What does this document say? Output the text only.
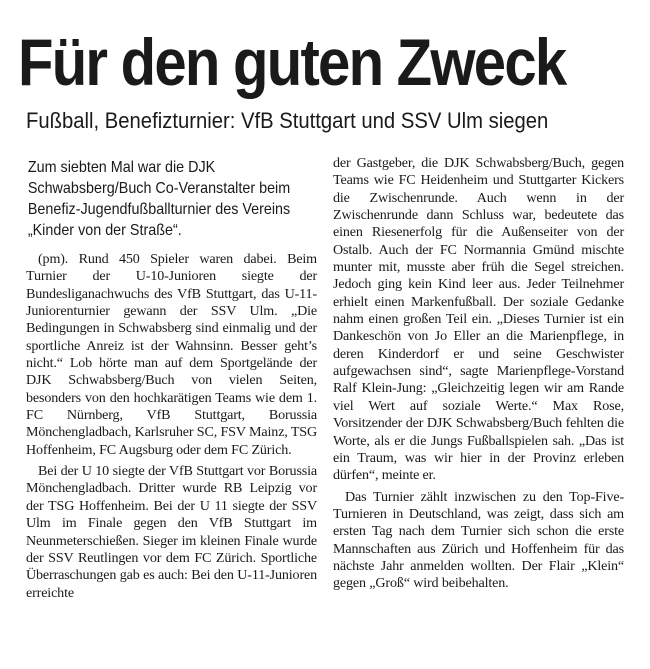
Für den guten Zweck
Fußball, Benefizturnier: VfB Stuttgart und SSV Ulm siegen

Zum siebten Mal war die DJK Schwabsberg/Buch Co-Veranstalter beim Benefiz-Jugendfußballturnier des Vereins „Kinder von der Straße“.

(pm). Rund 450 Spieler waren dabei. Beim Turnier der U-10-Junioren siegte der Bundesliganachwuchs des VfB Stuttgart, das U-11-Juniorenturnier gewann der SSV Ulm. „Die Bedingungen in Schwabsberg sind einmalig und der sportliche Anreiz ist der Wahnsinn. Besser geht’s nicht.“ Lob hörte man auf dem Sportgelände der DJK Schwabsberg/Buch von vielen Seiten, besonders von den hochkarätigen Teams wie dem 1. FC Nürnberg, VfB Stuttgart, Borussia Mönchengladbach, Karlsruher SC, FSV Mainz, TSG Hoffenheim, FC Augsburg oder dem FC Zürich.

Bei der U 10 siegte der VfB Stuttgart vor Borussia Mönchengladbach. Dritter wurde RB Leipzig vor der TSG Hoffenheim. Bei der U 11 siegte der SSV Ulm im Finale gegen den VfB Stuttgart im Neunmeterschießen. Sieger im kleinen Finale wurde der SSV Reutlingen vor dem FC Zürich. Sportliche Überraschungen gab es auch: Bei den U-11-Junioren erreichte

der Gastgeber, die DJK Schwabsberg/Buch, gegen Teams wie FC Heidenheim und Stuttgarter Kickers die Zwischenrunde. Auch wenn in der Zwischenrunde dann Schluss war, bedeutete das einen Riesenerfolg für die Außenseiter von der Ostalb. Auch der FC Normannia Gmünd mischte munter mit, musste aber früh die Segel streichen. Jedoch ging kein Kind leer aus. Jeder Teilnehmer erhielt einen Markenfußball. Der soziale Gedanke nahm einen großen Teil ein. „Dieses Turnier ist ein Dankeschön von Jo Eller an die Marienpflege, in deren Kinderdorf er und seine Geschwister aufgewachsen sind“, sagte Marienpflege-Vorstand Ralf Klein-Jung: „Gleichzeitig legen wir am Rande viel Wert auf soziale Werte.“ Max Rose, Vorsitzender der DJK Schwabsberg/Buch fehlten die Worte, als er die Jungs Fußballspielen sah. „Das ist ein Traum, was wir hier in der Provinz erleben dürfen“, meinte er.

Das Turnier zählt inzwischen zu den Top-Five-Turnieren in Deutschland, was zeigt, dass sich am ersten Tag nach dem Turnier sich schon die erste Mannschaften aus Zürich und Hoffenheim für das nächste Jahr anmelden wollten. Der Flair „Klein“ gegen „Groß“ wird beibehalten.
